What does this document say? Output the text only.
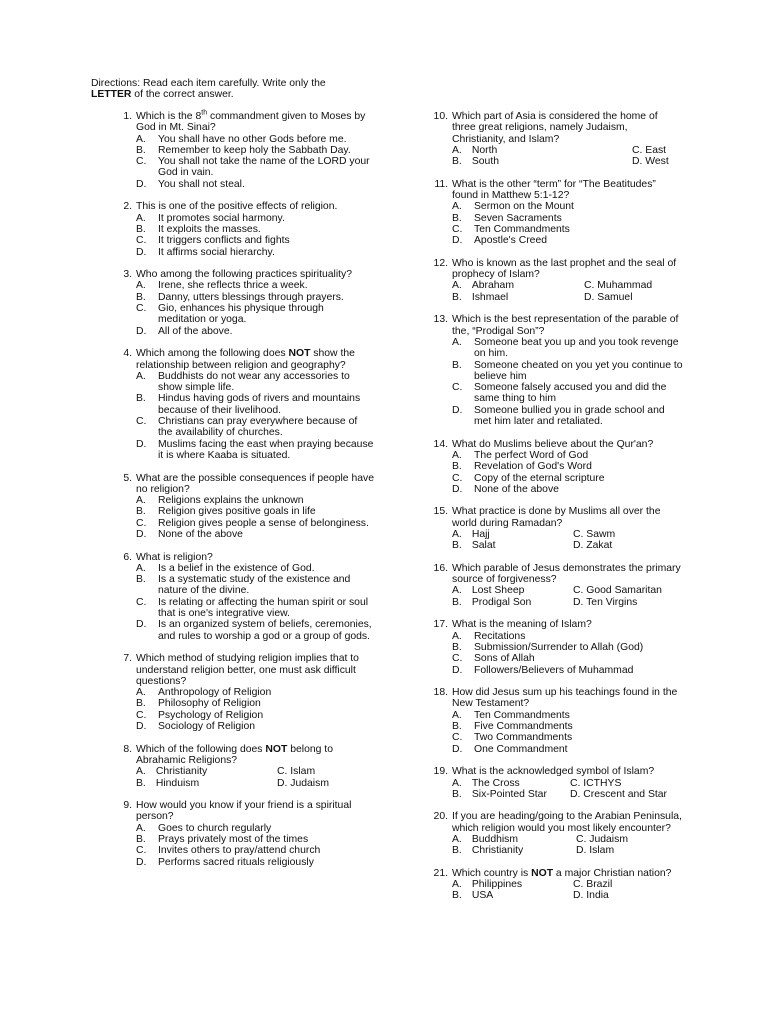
Directions: Read each item carefully. Write only the
LETTER of the correct answer.
1. Which is the 8th commandment given to Moses by God in Mt. Sinai?
A. You shall have no other Gods before me.
B. Remember to keep holy the Sabbath Day.
C. You shall not take the name of the LORD your God in vain.
D. You shall not steal.
2. This is one of the positive effects of religion.
A. It promotes social harmony.
B. It exploits the masses.
C. It triggers conflicts and fights
D. It affirms social hierarchy.
3. Who among the following practices spirituality?
A. Irene, she reflects thrice a week.
B. Danny, utters blessings through prayers.
C. Gio, enhances his physique through meditation or yoga.
D. All of the above.
4. Which among the following does NOT show the relationship between religion and geography?
A. Buddhists do not wear any accessories to show simple life.
B. Hindus having gods of rivers and mountains because of their livelihood.
C. Christians can pray everywhere because of the availability of churches.
D. Muslims facing the east when praying because it is where Kaaba is situated.
5. What are the possible consequences if people have no religion?
A. Religions explains the unknown
B. Religion gives positive goals in life
C. Religion gives people a sense of belonginess.
D. None of the above
6. What is religion?
A. Is a belief in the existence of God.
B. Is a systematic study of the existence and nature of the divine.
C. Is relating or affecting the human spirit or soul that is one's integrative view.
D. Is an organized system of beliefs, ceremonies, and rules to worship a god or a group of gods.
7. Which method of studying religion implies that to understand religion better, one must ask difficult questions?
A. Anthropology of Religion
B. Philosophy of Religion
C. Psychology of Religion
D. Sociology of Religion
8. Which of the following does NOT belong to Abrahamic Religions?
A. Christianity	C. Islam
B. Hinduism	D. Judaism
9. How would you know if your friend is a spiritual person?
A. Goes to church regularly
B. Prays privately most of the times
C. Invites others to pray/attend church
D. Performs sacred rituals religiously
10. Which part of Asia is considered the home of three great religions, namely Judaism, Christianity, and Islam?
A. North	C. East
B. South	D. West
11. What is the other “term” for “The Beatitudes” found in Matthew 5:1-12?
A. Sermon on the Mount
B. Seven Sacraments
C. Ten Commandments
D. Apostle's Creed
12. Who is known as the last prophet and the seal of prophecy of Islam?
A. Abraham	C. Muhammad
B. Ishmael	D. Samuel
13. Which is the best representation of the parable of the, “Prodigal Son”?
A. Someone beat you up and you took revenge on him.
B. Someone cheated on you yet you continue to believe him
C. Someone falsely accused you and did the same thing to him
D. Someone bullied you in grade school and met him later and retaliated.
14. What do Muslims believe about the Qur'an?
A. The perfect Word of God
B. Revelation of God's Word
C. Copy of the eternal scripture
D. None of the above
15. What practice is done by Muslims all over the world during Ramadan?
A. Hajj	C. Sawm
B. Salat	D. Zakat
16. Which parable of Jesus demonstrates the primary source of forgiveness?
A. Lost Sheep	C. Good Samaritan
B. Prodigal Son	D. Ten Virgins
17. What is the meaning of Islam?
A. Recitations
B. Submission/Surrender to Allah (God)
C. Sons of Allah
D. Followers/Believers of Muhammad
18. How did Jesus sum up his teachings found in the New Testament?
A. Ten Commandments
B. Five Commandments
C. Two Commandments
D. One Commandment
19. What is the acknowledged symbol of Islam?
A. The Cross	C. ICTHYS
B. Six-Pointed Star D. Crescent and Star
20. If you are heading/going to the Arabian Peninsula, which religion would you most likely encounter?
A. Buddhism	C. Judaism
B. Christianity	D. Islam
21. Which country is NOT a major Christian nation?
A. Philippines	C. Brazil
B. USA	D. India
